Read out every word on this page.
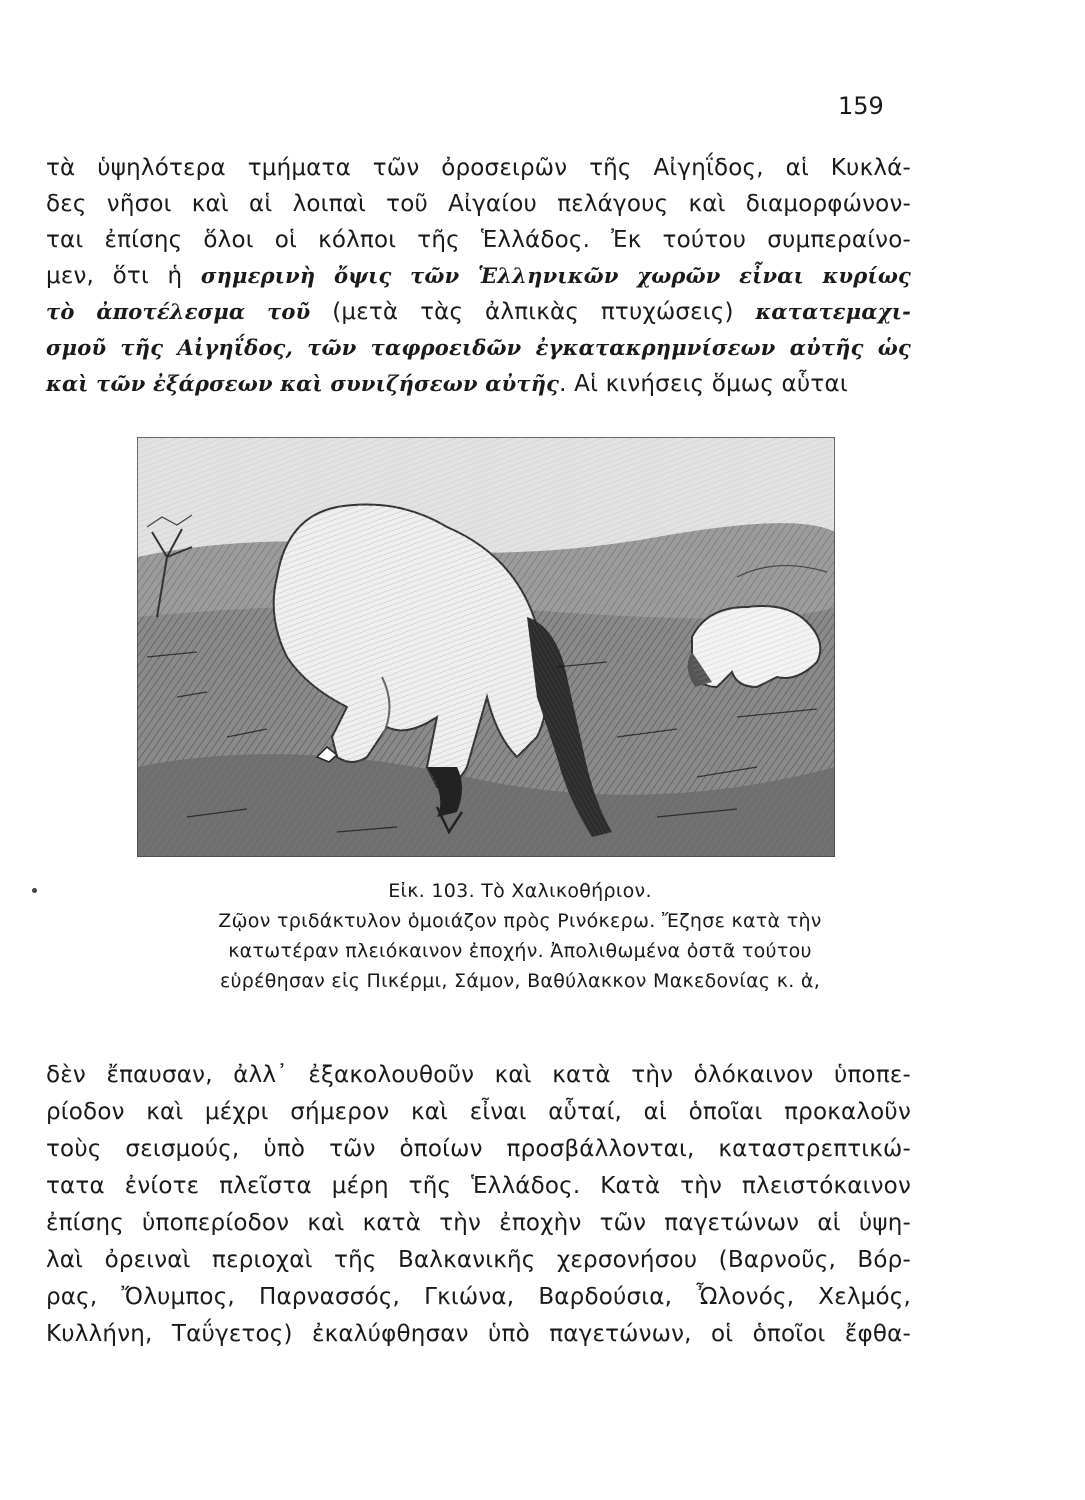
159
τὰ ὑψηλότερα τμήματα τῶν ὀροσειρῶν τῆς Αἰγηΐδος, αἱ Κυκλά-
δες νῆσοι καὶ αἱ λοιπαὶ τοῦ Αἰγαίου πελάγους καὶ διαμορφώνον-
ται ἐπίσης ὅλοι οἱ κόλποι τῆς Ἑλλάδος. Ἐκ τούτου συμπεραίνο-
μεν, ὅτι ἡ σημερινὴ ὄψις τῶν Ἑλληνικῶν χωρῶν εἶναι κυρίως
τὸ ἀποτέλεσμα τοῦ (μετὰ τὰς ἀλπικὰς πτυχώσεις) κατατεμαχι-
σμοῦ τῆς Αἰγηΐδος, τῶν ταφροειδῶν ἐγκατακρημνίσεων αὐτῆς ὡς
καὶ τῶν ἐξάρσεων καὶ συνιζήσεων αὐτῆς. Αἱ κινήσεις ὅμως αὗται
Εἰκ. 103. Τὸ Χαλικοθήριον.
Ζῷον τριδάκτυλον ὁμοιάζον πρὸς Ρινόκερω. Ἔζησε κατὰ τὴν
κατωτέραν πλειόκαινον ἐποχήν. Ἀπολιθωμένα ὀστᾶ τούτου
εὑρέθησαν εἰς Πικέρμι, Σάμον, Βαθύλακκον Μακεδονίας κ. ἀ,
δὲν ἔπαυσαν, ἀλλ᾽ ἐξακολουθοῦν καὶ κατὰ τὴν ὁλόκαινον ὑποπε-
ρίοδον καὶ μέχρι σήμερον καὶ εἶναι αὗταί, αἱ ὁποῖαι προκαλοῦν
τοὺς σεισμούς, ὑπὸ τῶν ὁποίων προσβάλλονται, καταστρεπτικώ-
τατα ἐνίοτε πλεῖστα μέρη τῆς Ἑλλάδος. Κατὰ τὴν πλειστόκαινον
ἐπίσης ὑποπερίοδον καὶ κατὰ τὴν ἐποχὴν τῶν παγετώνων αἱ ὑψη-
λαὶ ὀρειναὶ περιοχαὶ τῆς Βαλκανικῆς χερσονήσου (Βαρνοῦς, Βόρ-
ρας, Ὄλυμπος, Παρνασσός, Γκιώνα, Βαρδούσια, Ὦλονός, Χελμός,
Κυλλήνη, Ταΰγετος) ἐκαλύφθησαν ὑπὸ παγετώνων, οἱ ὁποῖοι ἔφθα-
